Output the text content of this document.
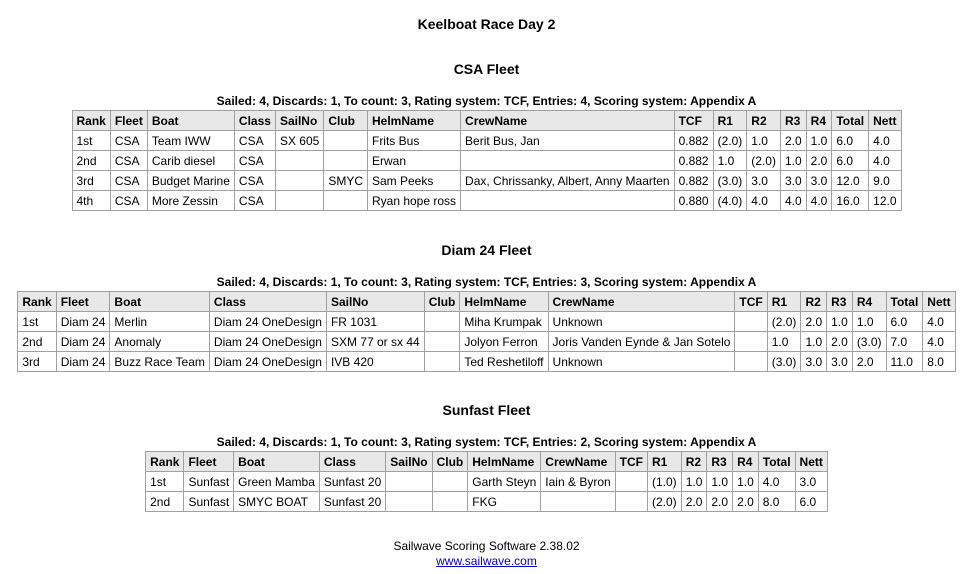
Keelboat Race Day 2
CSA Fleet
Sailed: 4, Discards: 1, To count: 3, Rating system: TCF, Entries: 4, Scoring system: Appendix A
Rank	Fleet	Boat	Class	SailNo	Club	HelmName	CrewName	TCF	R1	R2	R3	R4	Total	Nett
1st	CSA	Team IWW	CSA	SX 605		Frits Bus	Berit Bus, Jan	0.882	(2.0)	1.0	2.0	1.0	6.0	4.0
2nd	CSA	Carib diesel	CSA			Erwan		0.882	1.0	(2.0)	1.0	2.0	6.0	4.0
3rd	CSA	Budget Marine	CSA		SMYC	Sam Peeks	Dax, Chrissanky, Albert, Anny Maarten	0.882	(3.0)	3.0	3.0	3.0	12.0	9.0
4th	CSA	More Zessin	CSA			Ryan hope ross		0.880	(4.0)	4.0	4.0	4.0	16.0	12.0
Diam 24 Fleet
Sailed: 4, Discards: 1, To count: 3, Rating system: TCF, Entries: 3, Scoring system: Appendix A
Rank	Fleet	Boat	Class	SailNo	Club	HelmName	CrewName	TCF	R1	R2	R3	R4	Total	Nett
1st	Diam 24	Merlin	Diam 24 OneDesign	FR 1031		Miha Krumpak	Unknown		(2.0)	2.0	1.0	1.0	6.0	4.0
2nd	Diam 24	Anomaly	Diam 24 OneDesign	SXM 77 or sx 44		Jolyon Ferron	Joris Vanden Eynde & Jan Sotelo		1.0	1.0	2.0	(3.0)	7.0	4.0
3rd	Diam 24	Buzz Race Team	Diam 24 OneDesign	IVB 420		Ted Reshetiloff	Unknown		(3.0)	3.0	3.0	2.0	11.0	8.0
Sunfast Fleet
Sailed: 4, Discards: 1, To count: 3, Rating system: TCF, Entries: 2, Scoring system: Appendix A
Rank	Fleet	Boat	Class	SailNo	Club	HelmName	CrewName	TCF	R1	R2	R3	R4	Total	Nett
1st	Sunfast	Green Mamba	Sunfast 20			Garth Steyn	Iain & Byron		(1.0)	1.0	1.0	1.0	4.0	3.0
2nd	Sunfast	SMYC BOAT	Sunfast 20			FKG			(2.0)	2.0	2.0	2.0	8.0	6.0
Sailwave Scoring Software 2.38.02
www.sailwave.com
